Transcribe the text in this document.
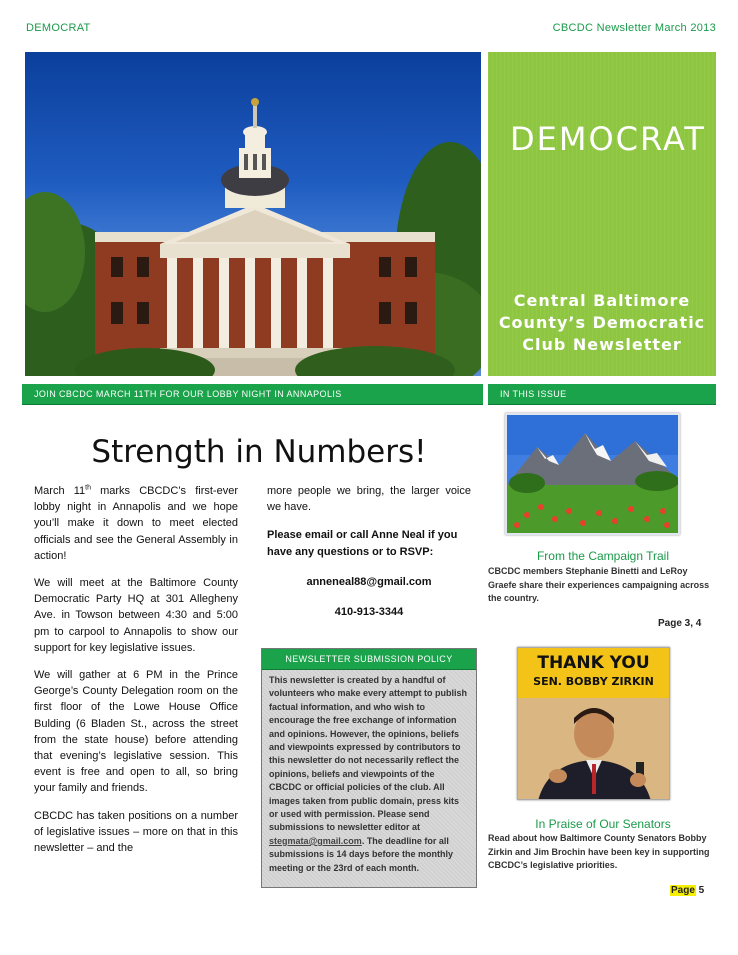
DEMOCRAT	CBCDC Newsletter March 2013
DEMOCRAT
Central Baltimore
County’s Democratic
Club Newsletter
JOIN CBCDC MARCH 11TH FOR OUR LOBBY NIGHT IN ANNAPOLIS	IN THIS ISSUE
Strength in Numbers!

March 11th marks CBCDC’s first-ever lobby night in Annapolis and we hope you’ll make it down to meet elected officials and see the General Assembly in action!

We will meet at the Baltimore County Democratic Party HQ at 301 Allegheny Ave. in Towson between 4:30 and 5:00 pm to carpool to Annapolis to show our support for key legislative issues.

We will gather at 6 PM in the Prince George’s County Delegation room on the first floor of the Lowe House Office Bulding (6 Bladen St., across the street from the state house) before attending that evening’s legislative session. This event is free and open to all, so bring your family and friends.

CBCDC has taken positions on a number of legislative issues – more on that in this newsletter – and the

more people we bring, the larger voice we have.

Please email or call Anne Neal if you have any questions or to RSVP:

anneneal88@gmail.com

410-913-3344

NEWSLETTER SUBMISSION POLICY
This newsletter is created by a handful of volunteers who make every attempt to publish factual information, and who wish to encourage the free exchange of information and opinions. However, the opinions, beliefs and viewpoints expressed by contributors to this newsletter do not necessarily reflect the opinions, beliefs and viewpoints of the CBCDC or official policies of the club. All images taken from public domain, press kits or used with permission. Please send submissions to newsletter editor at stegmata@gmail.com. The deadline for all submissions is 14 days before the monthly meeting or the 23rd of each month.
From the Campaign Trail
CBCDC members Stephanie Binetti and LeRoy Graefe share their experiences campaigning across the country.
Page 3, 4
THANK YOU
SEN. BOBBY ZIRKIN
In Praise of Our Senators
Read about how Baltimore County Senators Bobby Zirkin and Jim Brochin have been key in supporting CBCDC’s legislative priorities.
Page 5
